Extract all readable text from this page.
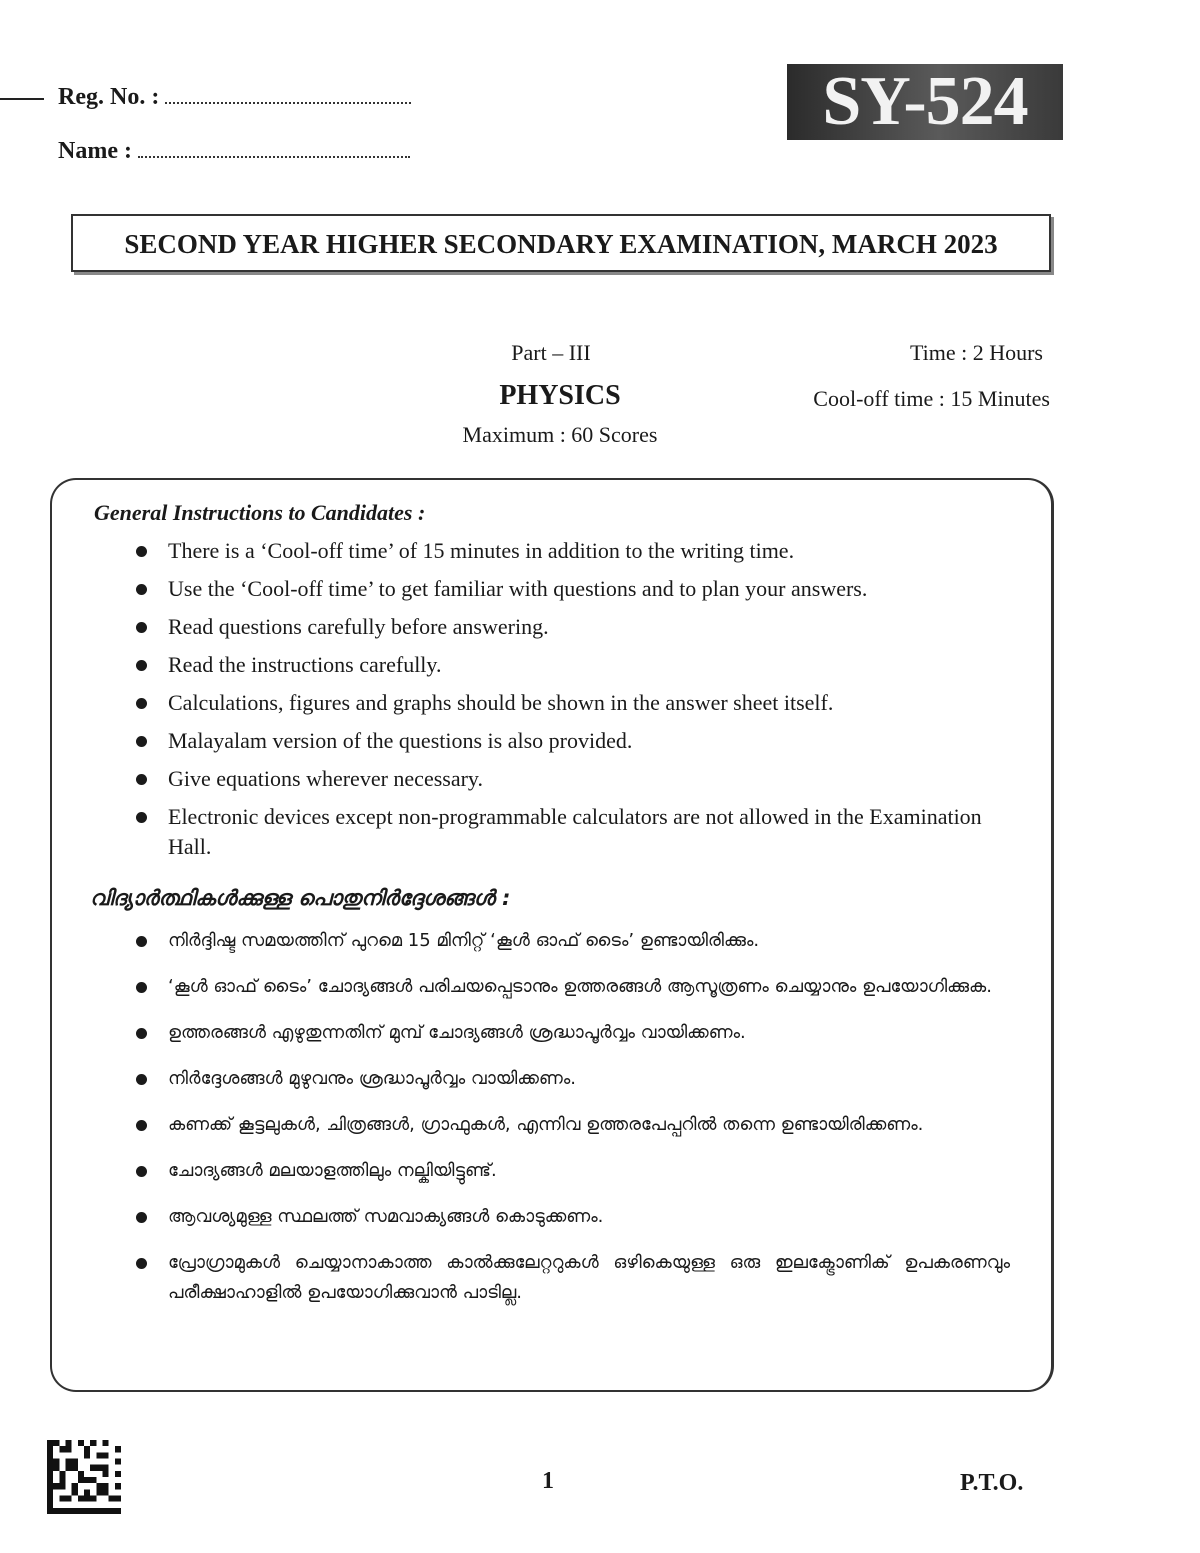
Reg. No. :
Name :
SY-524
SECOND YEAR HIGHER SECONDARY EXAMINATION, MARCH 2023
Part – III
PHYSICS
Maximum : 60 Scores
Time : 2 Hours
Cool-off time : 15 Minutes
General Instructions to Candidates :
There is a ‘Cool-off time’ of 15 minutes in addition to the writing time.
Use the ‘Cool-off time’ to get familiar with questions and to plan your answers.
Read questions carefully before answering.
Read the instructions carefully.
Calculations, figures and graphs should be shown in the answer sheet itself.
Malayalam version of the questions is also provided.
Give equations wherever necessary.
Electronic devices except non-programmable calculators are not allowed in the Examination Hall.
വിദ്യാർത്ഥികൾക്കുള്ള പൊതുനിർദ്ദേശങ്ങൾ :
നിർദ്ദിഷ്ട സമയത്തിന് പുറമെ 15 മിനിറ്റ് ‘കൂൾ ഓഫ് ടൈം’ ഉണ്ടായിരിക്കും.
‘കൂൾ ഓഫ് ടൈം’ ചോദ്യങ്ങൾ പരിചയപ്പെടാനും ഉത്തരങ്ങൾ ആസൂത്രണം ചെയ്യാനും ഉപയോഗിക്കുക.
ഉത്തരങ്ങൾ എഴുതുന്നതിന് മുമ്പ് ചോദ്യങ്ങൾ ശ്രദ്ധാപൂർവ്വം വായിക്കണം.
നിർദ്ദേശങ്ങൾ മുഴുവനും ശ്രദ്ധാപൂർവ്വം വായിക്കണം.
കണക്ക് കൂട്ടലുകൾ, ചിത്രങ്ങൾ, ഗ്രാഫുകൾ, എന്നിവ ഉത്തരപേപ്പറിൽ തന്നെ ഉണ്ടായിരിക്കണം.
ചോദ്യങ്ങൾ മലയാളത്തിലും നല്കിയിട്ടുണ്ട്.
ആവശ്യമുള്ള സ്ഥലത്ത് സമവാക്യങ്ങൾ കൊടുക്കണം.
പ്രോഗ്രാമുകൾ ചെയ്യാനാകാത്ത കാൽക്കുലേറ്ററുകൾ ഒഴികെയുള്ള ഒരു ഇലക്ട്രോണിക് ഉപകരണവും പരീക്ഷാഹാളിൽ ഉപയോഗിക്കുവാൻ പാടില്ല.
1	P.T.O.
